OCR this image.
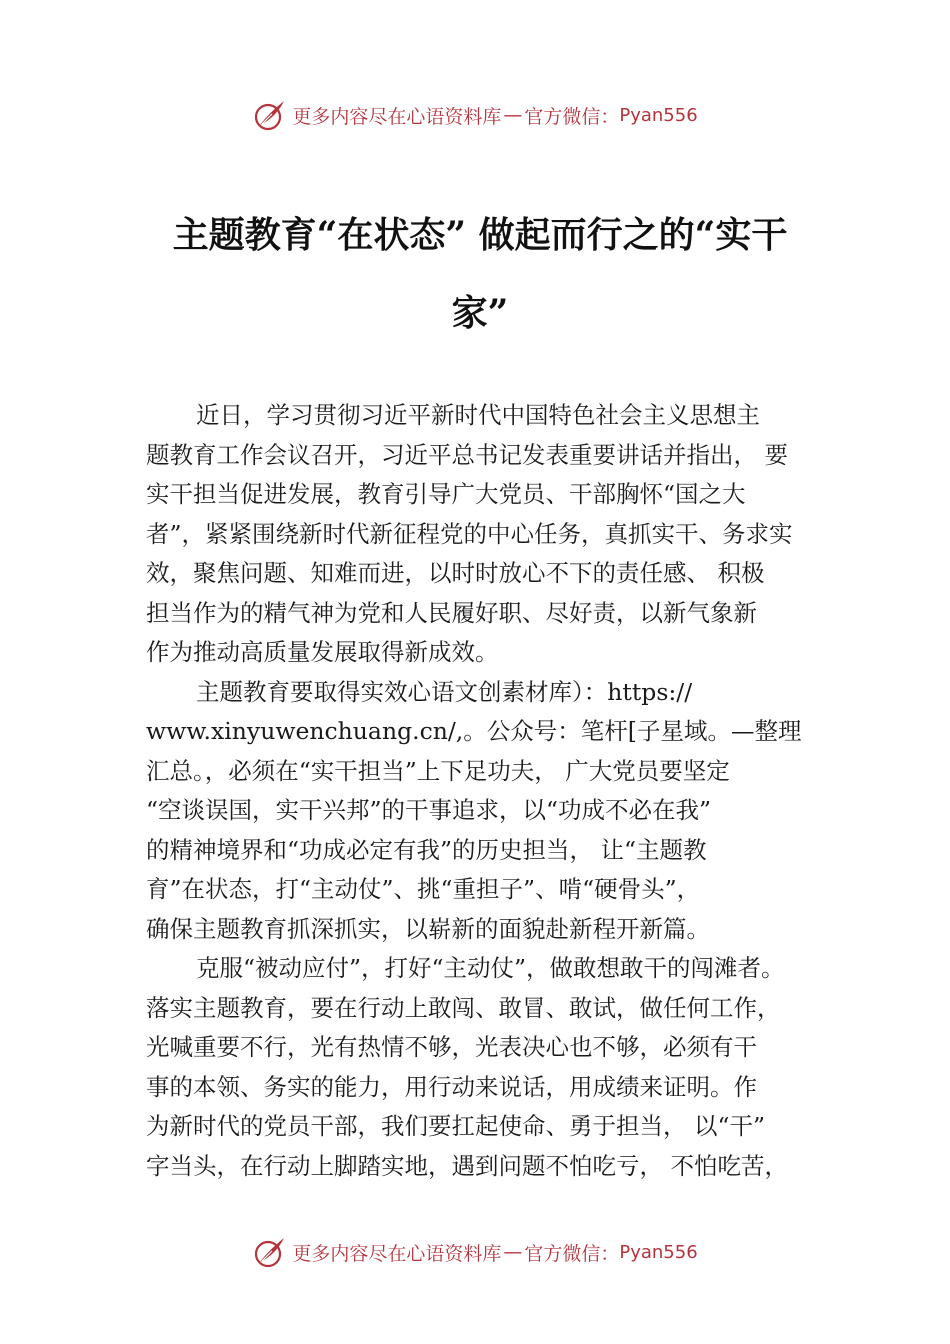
更多内容尽在心语资料库 — 官方微信： Pyan556
主题教育“在状态” 做起而行之的“实干
家”
近日，学习贯彻习近平新时代中国特色社会主义思想主
题教育工作会议召开，习近平总书记发表重要讲话并指出， 要
实干担当促进发展，教育引导广大党员、干部胸怀“国之大
者”，紧紧围绕新时代新征程党的中心任务，真抓实干、务求实
效，聚焦问题、知难而进，以时时放心不下的责任感、 积极
担当作为的精气神为党和人民履好职、尽好责，以新气象新
作为推动高质量发展取得新成效。
主题教育要取得实效心语文创素材库）：https://
www.xinyuwenchuang.cn/,。公众号：笔杆[子星域。—整理
汇总。，必须在“实干担当”上下足功夫， 广大党员要坚定
“空谈误国，实干兴邦”的干事追求，以“功成不必在我”
的精神境界和“功成必定有我”的历史担当， 让“主题教
育”在状态，打“主动仗”、挑“重担子”、啃“硬骨头”，
确保主题教育抓深抓实，以崭新的面貌赴新程开新篇。
克服“被动应付”，打好“主动仗”，做敢想敢干的闯滩者。
落实主题教育，要在行动上敢闯、敢冒、敢试，做任何工作，
光喊重要不行，光有热情不够，光表决心也不够，必须有干
事的本领、务实的能力，用行动来说话，用成绩来证明。作
为新时代的党员干部，我们要扛起使命、勇于担当， 以“干”
字当头，在行动上脚踏实地，遇到问题不怕吃亏， 不怕吃苦，
更多内容尽在心语资料库 — 官方微信： Pyan556
